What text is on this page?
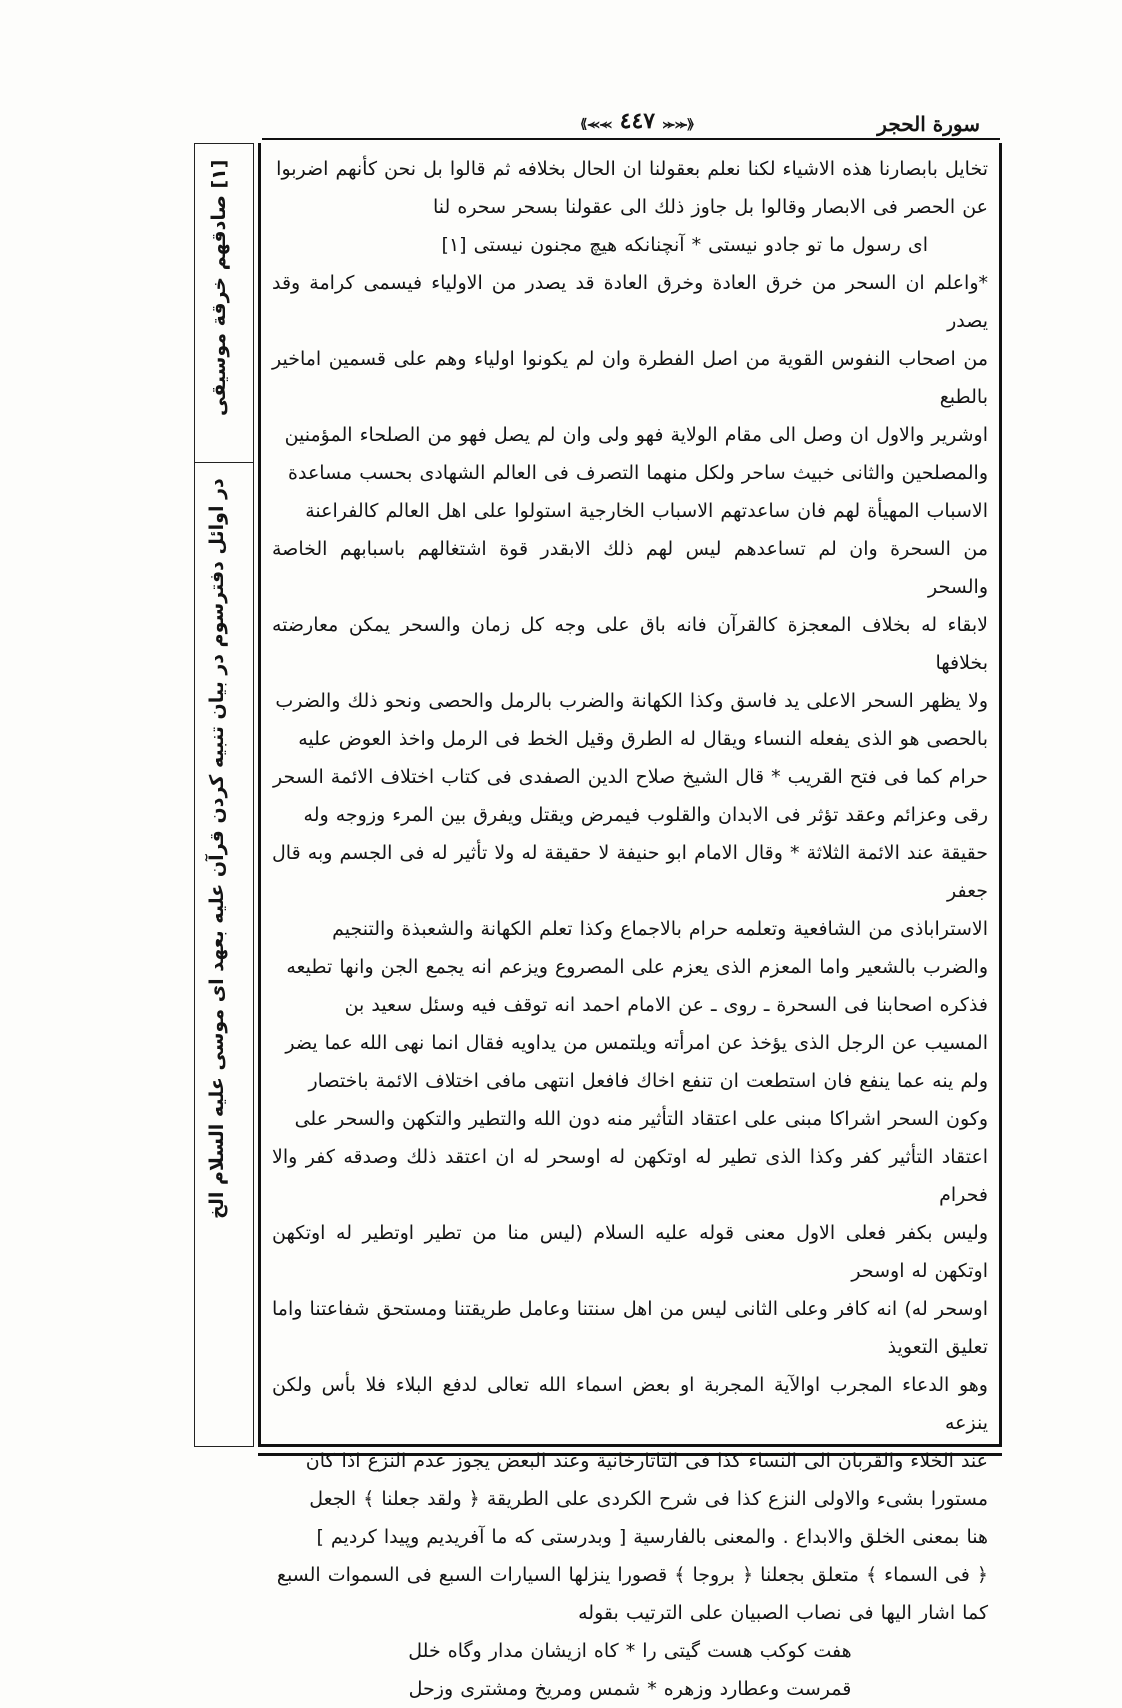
سورة الحجر
⟪⪻⪻ ٤٤٧ ⪼⪼⟫
[١] صادقهم خرقة موسيقى
در اوائل دفترسوم در بيان تنبيه كردن قرآن عليه بعهد اى موسى عليه السلام الخ

تخايل بابصارنا هذه الاشياء لكنا نعلم بعقولنا ان الحال بخلافه ثم قالوا بل نحن كأنهم اضربوا

عن الحصر فى الابصار وقالوا بل جاوز ذلك الى عقولنا بسحر سحره لنا

اى رسول ما تو جادو نيستى * آنچنانكه هيچ مجنون نيستى [١]

*واعلم ان السحر من خرق العادة وخرق العادة قد يصدر من الاولياء فيسمى كرامة وقد يصدر

من اصحاب النفوس القوية من اصل الفطرة وان لم يكونوا اولياء وهم على قسمين اماخير بالطبع

اوشرير والاول ان وصل الى مقام الولاية فهو ولى وان لم يصل فهو من الصلحاء المؤمنين

والمصلحين والثانى خبيث ساحر ولكل منهما التصرف فى العالم الشهادى بحسب مساعدة

الاسباب المهيأة لهم فان ساعدتهم الاسباب الخارجية استولوا على اهل العالم كالفراعنة

من السحرة وان لم تساعدهم ليس لهم ذلك الابقدر قوة اشتغالهم باسبابهم الخاصة والسحر

لابقاء له بخلاف المعجزة كالقرآن فانه باق على وجه كل زمان والسحر يمكن معارضته بخلافها

ولا يظهر السحر الاعلى يد فاسق وكذا الكهانة والضرب بالرمل والحصى ونحو ذلك والضرب

بالحصى هو الذى يفعله النساء ويقال له الطرق وقيل الخط فى الرمل واخذ العوض عليه

حرام كما فى فتح القريب * قال الشيخ صلاح الدين الصفدى فى كتاب اختلاف الائمة السحر

رقى وعزائم وعقد تؤثر فى الابدان والقلوب فيمرض ويقتل ويفرق بين المرء وزوجه وله

حقيقة عند الائمة الثلاثة * وقال الامام ابو حنيفة لا حقيقة له ولا تأثير له فى الجسم وبه قال جعفر

الاستراباذى من الشافعية وتعلمه حرام بالاجماع وكذا تعلم الكهانة والشعبذة والتنجيم

والضرب بالشعير واما المعزم الذى يعزم على المصروع ويزعم انه يجمع الجن وانها تطيعه

فذكره اصحابنا فى السحرة ـ روى ـ عن الامام احمد انه توقف فيه وسئل سعيد بن

المسيب عن الرجل الذى يؤخذ عن امرأته ويلتمس من يداويه فقال انما نهى الله عما يضر

ولم ينه عما ينفع فان استطعت ان تنفع اخاك فافعل انتهى مافى اختلاف الائمة باختصار

وكون السحر اشراكا مبنى على اعتقاد التأثير منه دون الله والتطير والتكهن والسحر على

اعتقاد التأثير كفر وكذا الذى تطير له اوتكهن له اوسحر له ان اعتقد ذلك وصدقه كفر والا فحرام

وليس بكفر فعلى الاول معنى قوله عليه السلام (ليس منا من تطير اوتطير له اوتكهن اوتكهن له اوسحر

اوسحر له) انه كافر وعلى الثانى ليس من اهل سنتنا وعامل طريقتنا ومستحق شفاعتنا واما تعليق التعويذ

وهو الدعاء المجرب اوالآية المجربة او بعض اسماء الله تعالى لدفع البلاء فلا بأس ولكن ينزعه

عند الخلاء والقربان الى النساء كذا فى التاتارخانية وعند البعض يجوز عدم النزع اذا كان

مستورا بشىء والاولى النزع كذا فى شرح الكردى على الطريقة ﴿ ولقد جعلنا ﴾ الجعل

هنا بمعنى الخلق والابداع . والمعنى بالفارسية [ وبدرستى كه ما آفريديم وپيدا كرديم ]

﴿ فى السماء ﴾ متعلق بجعلنا ﴿ بروجا ﴾ قصورا ينزلها السيارات السبع فى السموات السبع

كما اشار اليها فى نصاب الصبيان على الترتيب بقوله

هفت كوكب هست گيتى را * كاه ازيشان مدار وگاه خلل

قمرست وعطارد وزهره * شمس ومريخ ومشترى وزحل
